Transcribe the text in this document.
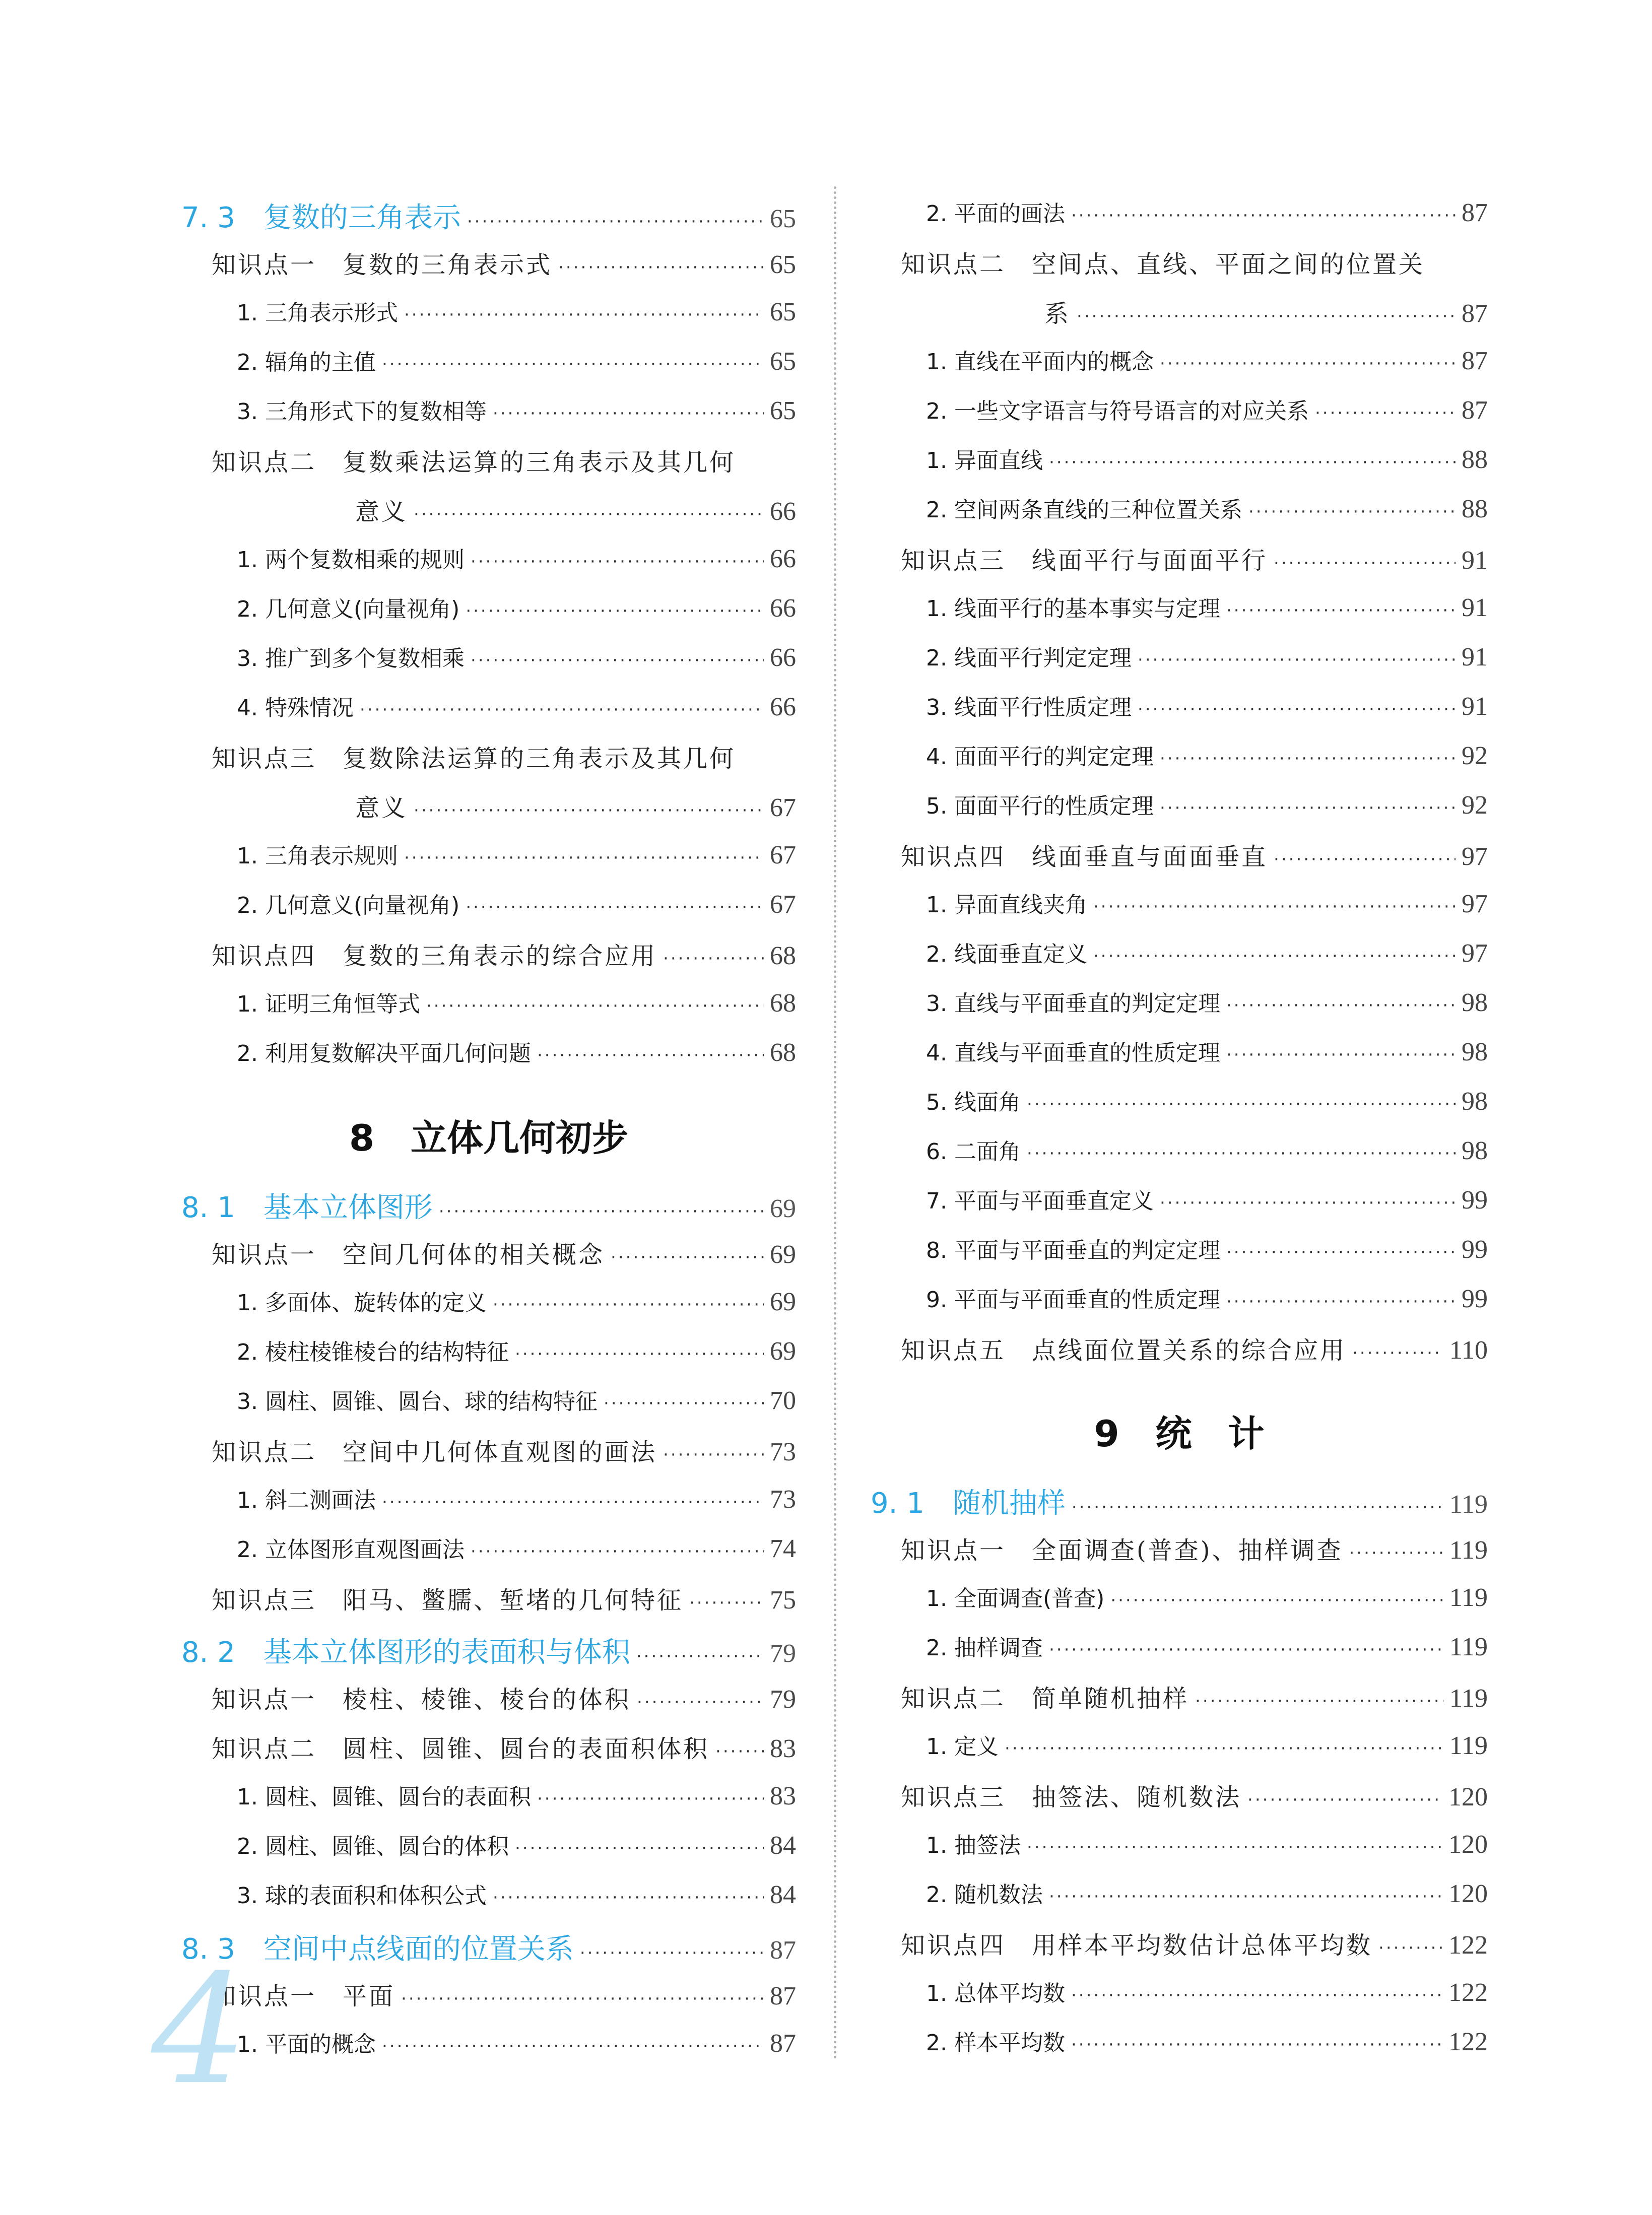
7. 3　复数的三角表示 ·····	65
知识点一　复数的三角表示式 ·····	65
1. 三角表示形式 ·····	65
2. 辐角的主值 ·····	65
3. 三角形式下的复数相等 ·····	65
知识点二　复数乘法运算的三角表示及其几何
意义 ·····	66
1. 两个复数相乘的规则 ·····	66
2. 几何意义(向量视角) ·····	66
3. 推广到多个复数相乘 ·····	66
4. 特殊情况 ·····	66
知识点三　复数除法运算的三角表示及其几何
意义 ·····	67
1. 三角表示规则 ·····	67
2. 几何意义(向量视角) ·····	67
知识点四　复数的三角表示的综合应用 ·····	68
1. 证明三角恒等式 ·····	68
2. 利用复数解决平面几何问题 ·····	68
8　立体几何初步
8. 1　基本立体图形 ·····	69
知识点一　空间几何体的相关概念 ·····	69
1. 多面体、旋转体的定义 ·····	69
2. 棱柱棱锥棱台的结构特征 ·····	69
3. 圆柱、圆锥、圆台、球的结构特征 ·····	70
知识点二　空间中几何体直观图的画法 ·····	73
1. 斜二测画法 ·····	73
2. 立体图形直观图画法 ·····	74
知识点三　阳马、鳖臑、堑堵的几何特征 ·····	75
8. 2　基本立体图形的表面积与体积 ·····	79
知识点一　棱柱、棱锥、棱台的体积 ·····	79
知识点二　圆柱、圆锥、圆台的表面积体积 ····· 83
1. 圆柱、圆锥、圆台的表面积 ·····	83
2. 圆柱、圆锥、圆台的体积 ·····	84
3. 球的表面积和体积公式 ·····	84
8. 3　空间中点线面的位置关系 ·····	87
知识点一　平面 ·····	87
1. 平面的概念 ·····	87
2. 平面的画法 ·····	87
知识点二　空间点、直线、平面之间的位置关
系 ·····	87
1. 直线在平面内的概念 ·····	87
2. 一些文字语言与符号语言的对应关系 ·····	87
1. 异面直线 ·····	88
2. 空间两条直线的三种位置关系 ·····	88
知识点三　线面平行与面面平行 ·····	91
1. 线面平行的基本事实与定理 ·····	91
2. 线面平行判定定理 ·····	91
3. 线面平行性质定理 ·····	91
4. 面面平行的判定定理 ·····	92
5. 面面平行的性质定理 ·····	92
知识点四　线面垂直与面面垂直 ·····	97
1. 异面直线夹角 ·····	97
2. 线面垂直定义 ·····	97
3. 直线与平面垂直的判定定理 ·····	98
4. 直线与平面垂直的性质定理 ·····	98
5. 线面角 ·····	98
6. 二面角 ·····	98
7. 平面与平面垂直定义 ·····	99
8. 平面与平面垂直的判定定理 ·····	99
9. 平面与平面垂直的性质定理 ·····	99
知识点五　点线面位置关系的综合应用 ·····	110
9　统　计
9. 1　随机抽样 ·····	119
知识点一　全面调查(普查)、抽样调查 ·····	119
1. 全面调查(普查) ·····	119
2. 抽样调查 ·····	119
知识点二　简单随机抽样 ·····	119
1. 定义 ·····	119
知识点三　抽签法、随机数法 ·····	120
1. 抽签法 ·····	120
2. 随机数法 ·····	120
知识点四　用样本平均数估计总体平均数 ·····	122
1. 总体平均数 ·····	122
2. 样本平均数 ·····	122
4
